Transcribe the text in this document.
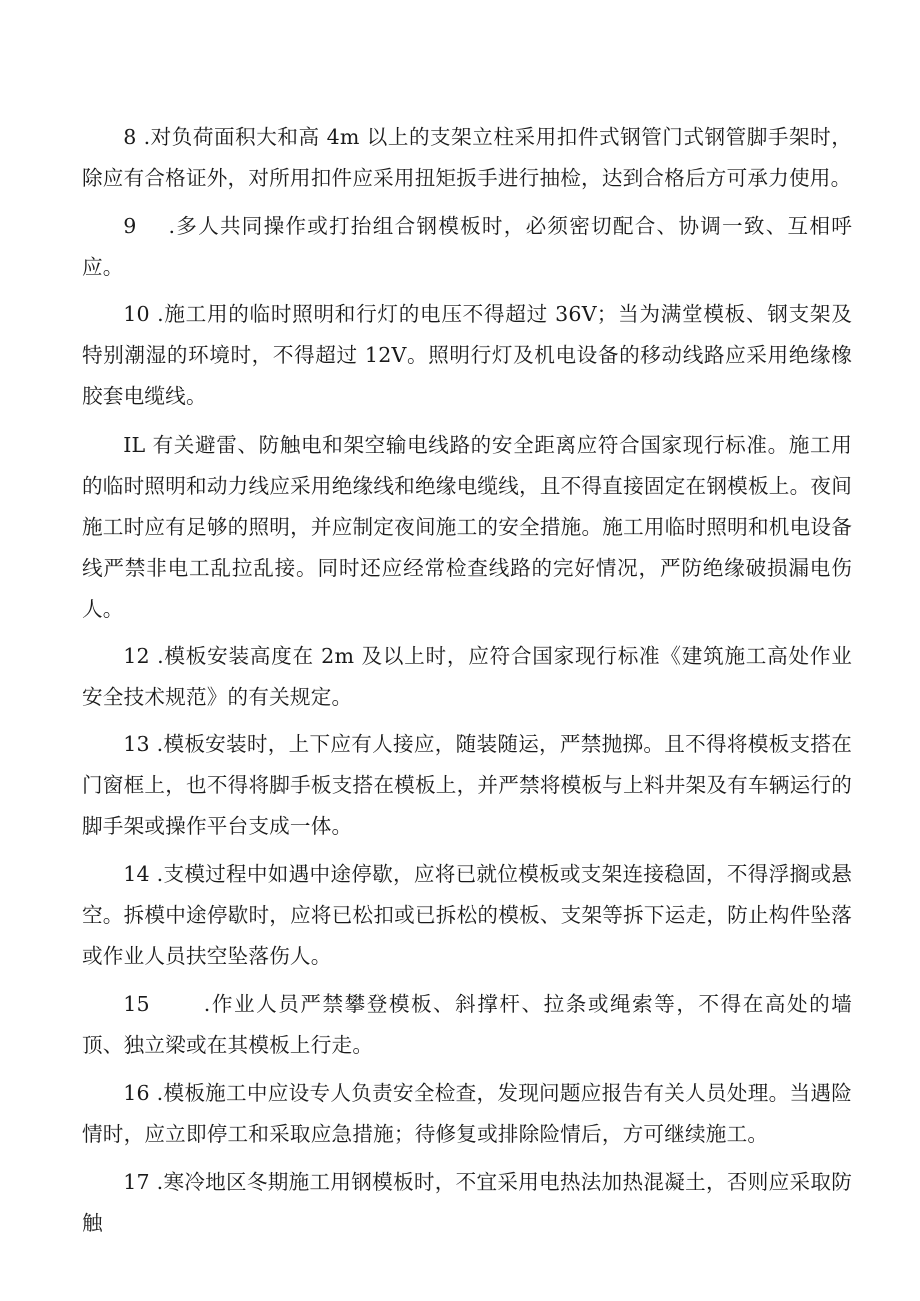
8 .对负荷面积大和高 4m 以上的支架立柱采用扣件式钢管门式钢管脚手架时，除应有合格证外，对所用扣件应采用扭矩扳手进行抽检，达到合格后方可承力使用。

9 .多人共同操作或打抬组合钢模板时，必须密切配合、协调一致、互相呼应。

10 .施工用的临时照明和行灯的电压不得超过 36V；当为满堂模板、钢支架及特别潮湿的环境时，不得超过 12V。照明行灯及机电设备的移动线路应采用绝缘橡胶套电缆线。

IL 有关避雷、防触电和架空输电线路的安全距离应符合国家现行标准。施工用的临时照明和动力线应采用绝缘线和绝缘电缆线，且不得直接固定在钢模板上。夜间施工时应有足够的照明，并应制定夜间施工的安全措施。施工用临时照明和机电设备线严禁非电工乱拉乱接。同时还应经常检查线路的完好情况，严防绝缘破损漏电伤人。

12 .模板安装高度在 2m 及以上时，应符合国家现行标准《建筑施工高处作业安全技术规范》的有关规定。

13 .模板安装时，上下应有人接应，随装随运，严禁抛掷。且不得将模板支搭在门窗框上，也不得将脚手板支搭在模板上，并严禁将模板与上料井架及有车辆运行的脚手架或操作平台支成一体。

14 .支模过程中如遇中途停歇，应将已就位模板或支架连接稳固，不得浮搁或悬空。拆模中途停歇时，应将已松扣或已拆松的模板、支架等拆下运走，防止构件坠落或作业人员扶空坠落伤人。

15	.作业人员严禁攀登模板、斜撑杆、拉条或绳索等，不得在高处的墙顶、独立梁或在其模板上行走。

16 .模板施工中应设专人负责安全检查，发现问题应报告有关人员处理。当遇险情时，应立即停工和采取应急措施；待修复或排除险情后，方可继续施工。

17 .寒冷地区冬期施工用钢模板时，不宜采用电热法加热混凝土，否则应采取防触
